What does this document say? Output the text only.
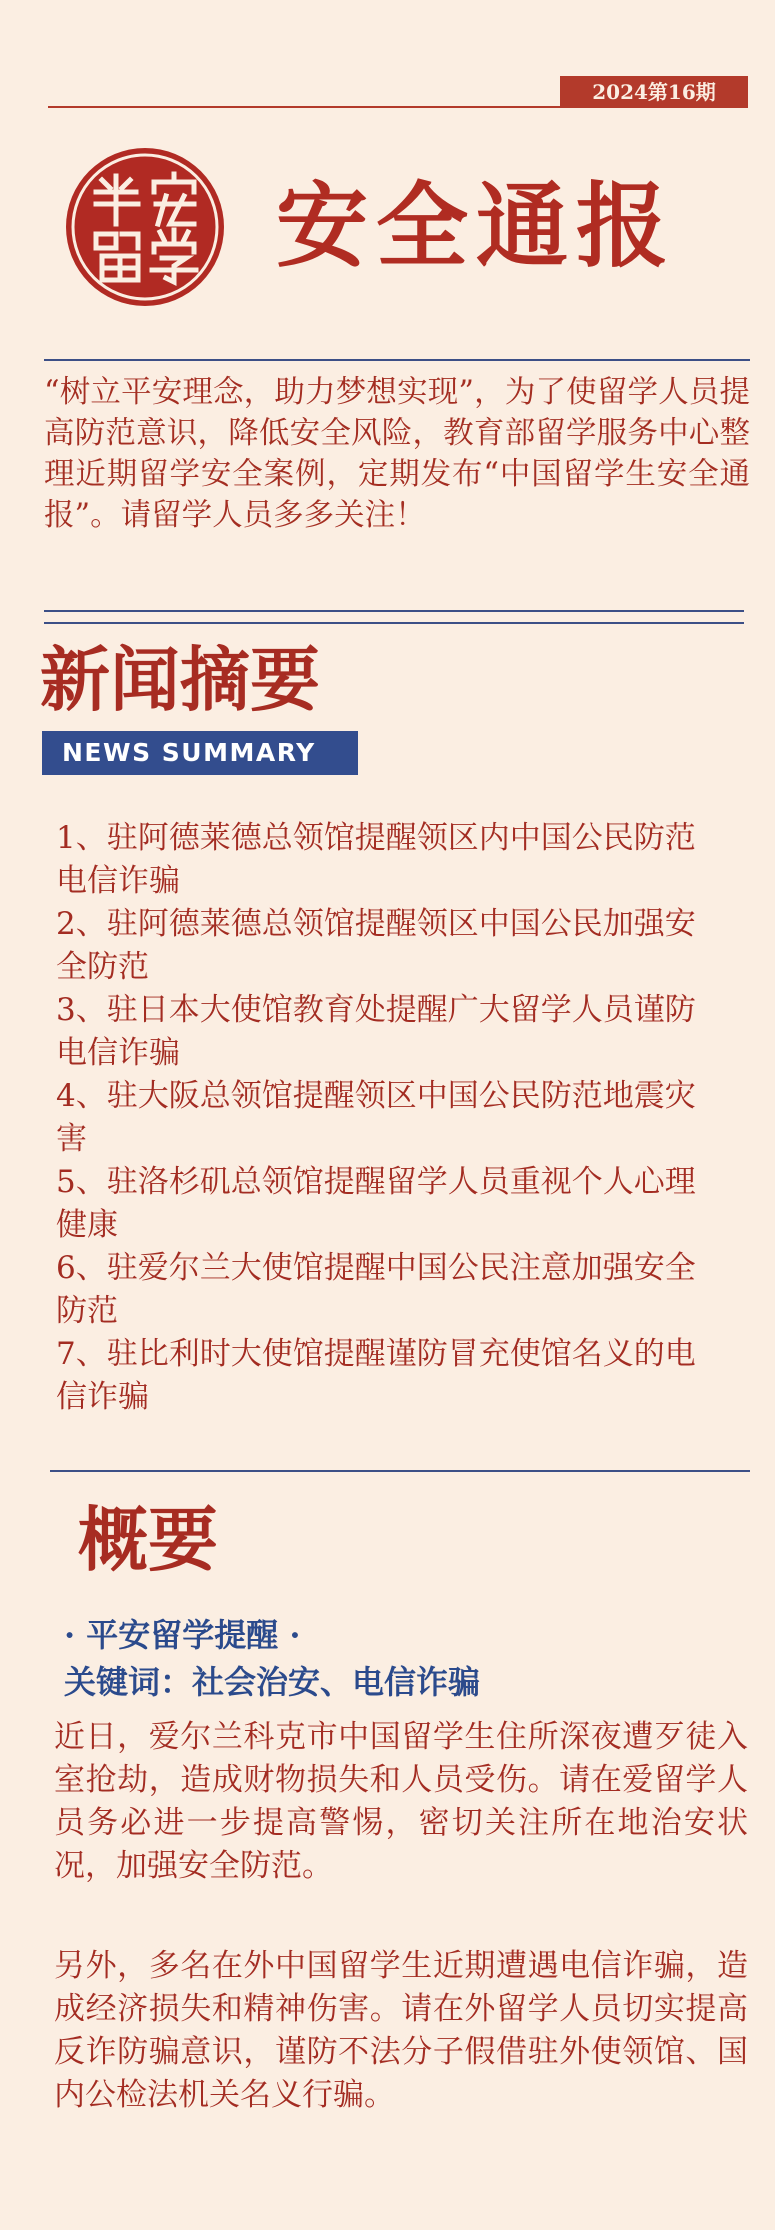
2024第16期
安全通报
“树立平安理念，助力梦想实现”，为了使留学人员提高防范意识，降低安全风险，教育部留学服务中心整理近期留学安全案例，定期发布“中国留学生安全通报”。请留学人员多多关注！
新闻摘要
NEWS SUMMARY
1、驻阿德莱德总领馆提醒领区内中国公民防范电信诈骗
2、驻阿德莱德总领馆提醒领区中国公民加强安全防范
3、驻日本大使馆教育处提醒广大留学人员谨防电信诈骗
4、驻大阪总领馆提醒领区中国公民防范地震灾害
5、驻洛杉矶总领馆提醒留学人员重视个人心理健康
6、驻爱尔兰大使馆提醒中国公民注意加强安全防范
7、驻比利时大使馆提醒谨防冒充使馆名义的电信诈骗
概要
· 平安留学提醒 ·
关键词：社会治安、电信诈骗
近日，爱尔兰科克市中国留学生住所深夜遭歹徒入室抢劫，造成财物损失和人员受伤。请在爱留学人员务必进一步提高警惕，密切关注所在地治安状况，加强安全防范。
另外，多名在外中国留学生近期遭遇电信诈骗，造成经济损失和精神伤害。请在外留学人员切实提高反诈防骗意识，谨防不法分子假借驻外使领馆、国内公检法机关名义行骗。
